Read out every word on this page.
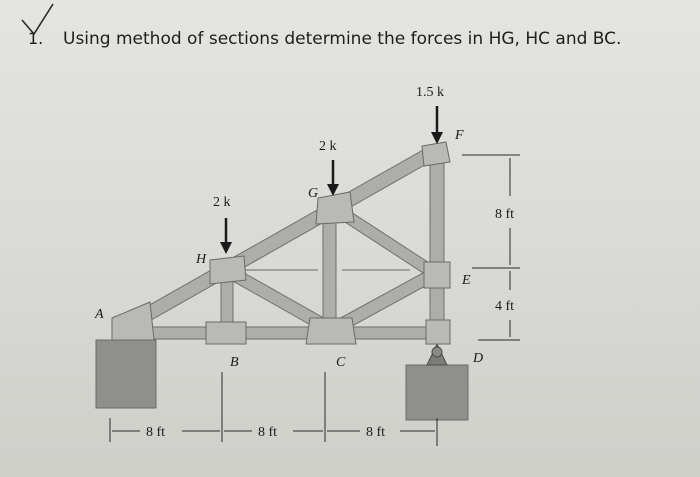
1. Using method of sections determine the forces in HG, HC and BC.
1.5 k
2 k
2 k
A
B	C	D
E
F
G
H
8 ft
4 ft
8 ft	8 ft	8 ft
